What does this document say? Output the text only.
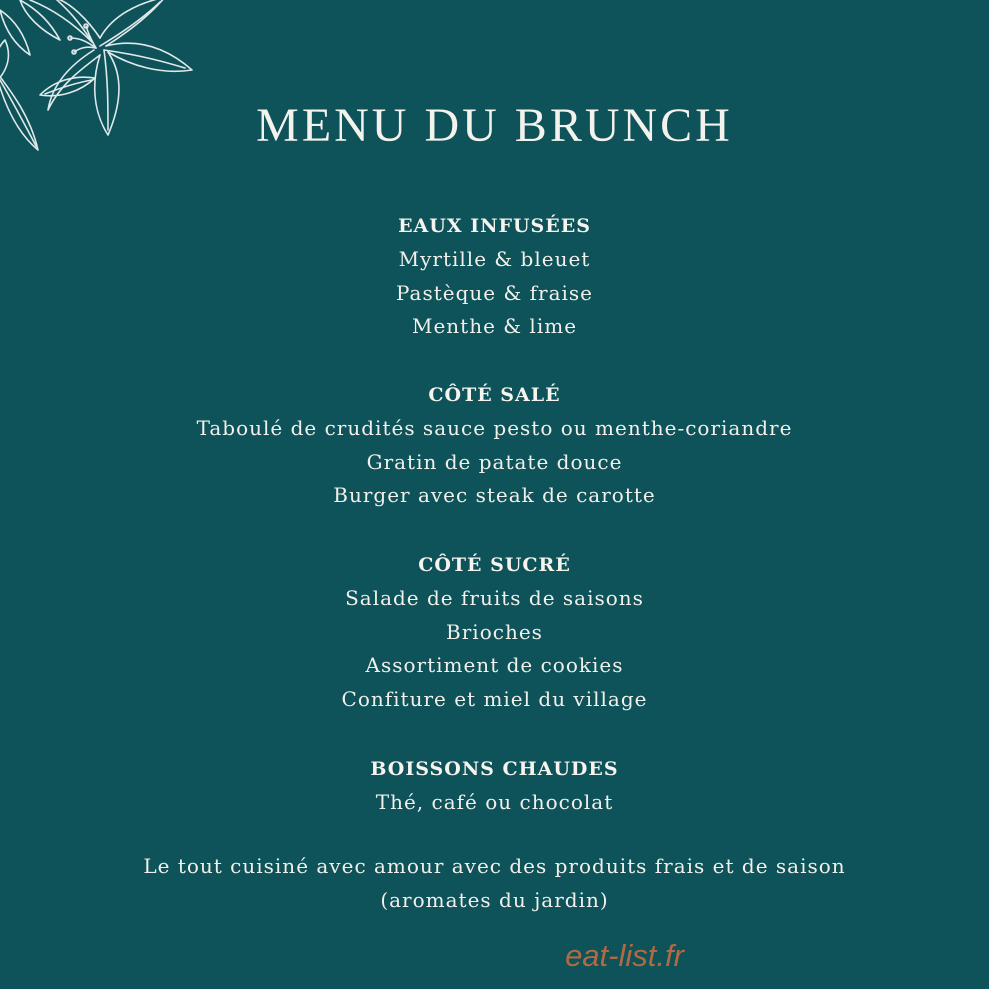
MENU DU BRUNCH
EAUX INFUSÉES
Myrtille & bleuet
Pastèque & fraise
Menthe & lime
CÔTÉ SALÉ
Taboulé de crudités sauce pesto ou menthe-coriandre
Gratin de patate douce
Burger avec steak de carotte
CÔTÉ SUCRÉ
Salade de fruits de saisons
Brioches
Assortiment de cookies
Confiture et miel du village
BOISSONS CHAUDES
Thé, café ou chocolat
Le tout cuisiné avec amour avec des produits frais et de saison
(aromates du jardin)
eat-list.fr
